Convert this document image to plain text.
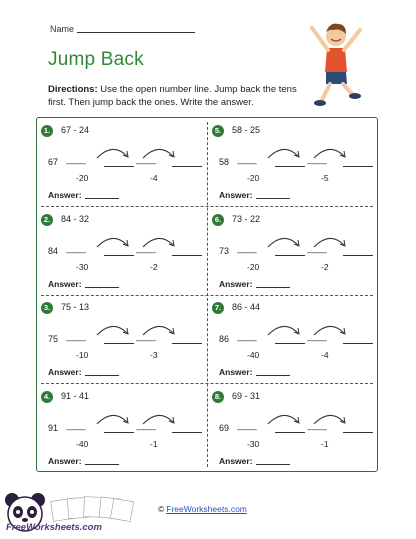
Name
Jump Back
Directions: Use the open number line. Jump back the tens first. Then jump back the ones. Write the answer.
1.	67 - 24
67 ---------	---------
-20	-4
Answer:
5.	58 - 25
58 ---------	---------
-20	-5
Answer:
2.	84 - 32
84 ---------	---------
-30	-2
Answer:
6.	73 - 22
73 ---------	---------
-20	-2
Answer:
3.	75 - 13
75 ---------	---------
-10	-3
Answer:
7.	86 - 44
86 ---------	---------
-40	-4
Answer:
4.	91 - 41
91 ---------	---------
-40	-1
Answer:
8.	69 - 31
69 ---------	---------
-30	-1
Answer:
© FreeWorksheets.com
FreeWorksheets.com
